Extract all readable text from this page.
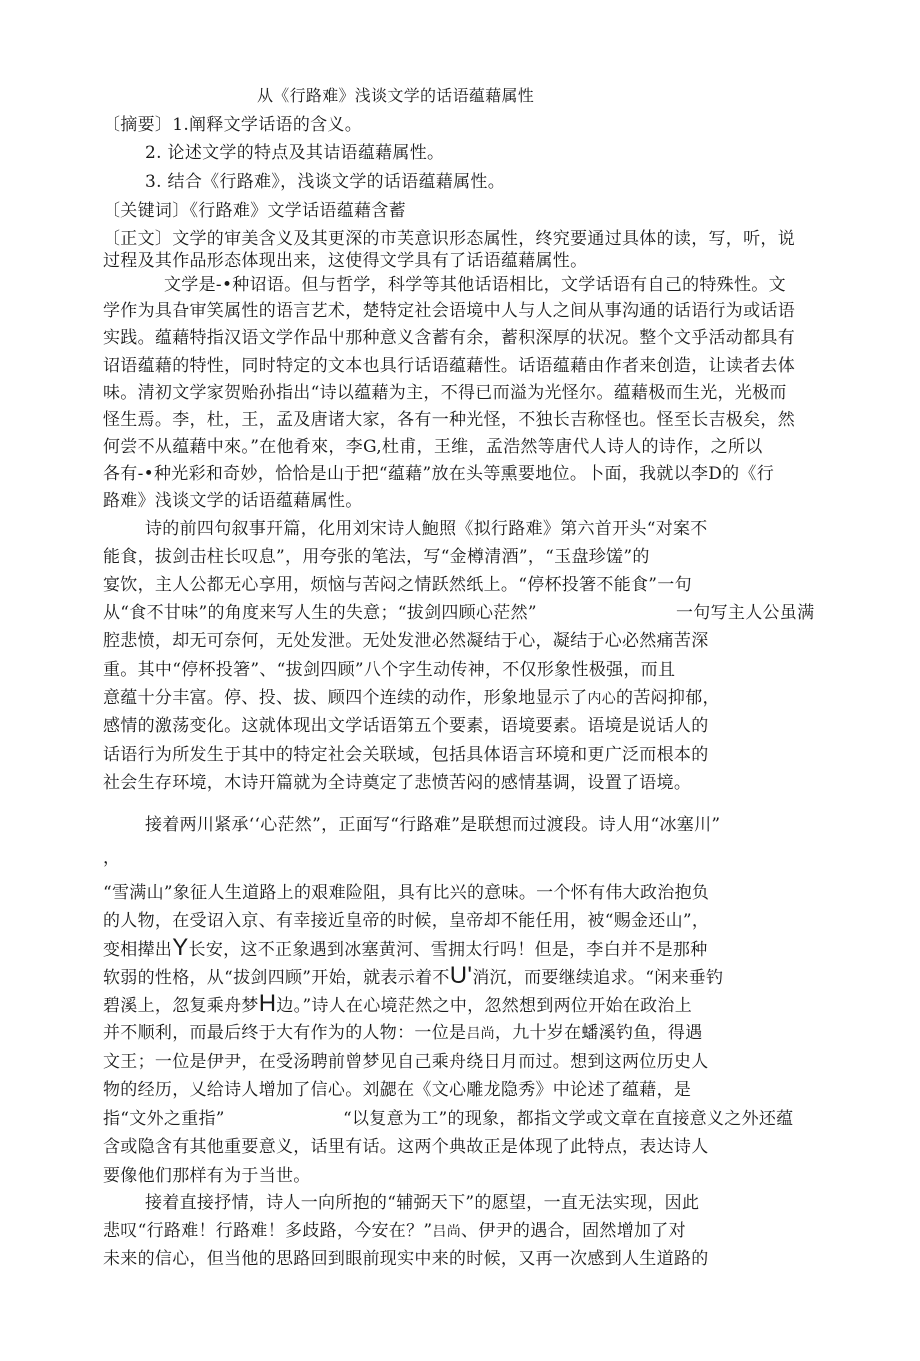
从《行路难》浅谈文学的话语蕴藉属性
〔摘要〕1.阐释文学话语的含义。
2. 论述文学的特点及其诘语蕴藉属性。
3. 结合《行路难》，浅谈文学的话语蕴藉属性。
〔关键词〕《行路难》文学话语蕴藉含蓄
〔正文〕文学的审美含义及其更深的市芙意识形态属性，终究要通过具体的读，写，听，说
过程及其作品形态体现出来，这使得文学具有了话语蕴藉属性。
文学是-•种诏语。但与哲学，科学等其他话语相比，文学话语有自己的特殊性。文
学作为具旮审笑属性的语言艺术，楚特定社会语境中人与人之间从事沟通的话语行为或话语
实践。蕴藉特指汉语文学作品屮那种意义含蓄有余，蓄积深厚的状况。整个文乎活动都具有
诏语蕴藉的特性，同时特定的文本也具行话语蕴藉性。话语蕴藉由作者来创造，让读者去体
味。清初文学家贺贻孙指出“诗以蕴藉为主，不得已而溢为光怪尔。蕴藉极而生光，光极而
怪生焉。李，杜，王，孟及唐诸大家，各有一种光怪，不独长吉称怪也。怪至长吉极矣，然
何尝不从蕴藉中來。”在他肴來，李G,杜甫，王维，孟浩然等唐代人诗人的诗作，之所以
各有-•种光彩和奇妙，恰恰是山于把“蕴藉”放在头等熏要地位。卜面，我就以李D的《行
路难》浅谈文学的话语蕴藉属性。
诗的前四句叙事幵篇，化用刘宋诗人鮑照《拟行路难》第六首开头“对案不
能食，拔剑击柱长叹息”，用夸张的笔法，写“金樽清酒”，“玉盘珍馐”的
宴饮，主人公都无心享用，烦恼与苦闷之情跃然纸上。“停杯投箸不能食”一句
从“食不甘味”的角度来写人生的失意；“拔剑四顾心茫然”	一句写主人公虽满
腔悲愤，却无可奈何，无处发泄。无处发泄必然凝结于心，凝结于心必然痛苦深
重。其中“停杯投箸”、“拔剑四顾”八个字生动传神，不仅形象性极强，而且
意蕴十分丰富。停、投、拔、顾四个连续的动作，形象地显示了内心的苦闷抑郁，
感情的激荡变化。这就体现出文学话语第五个要素，语境要素。语境是说话人的
话语行为所发生于其中的特定社会关联域，包括具体语言环境和更广泛而根本的
社会生存环境，木诗幵篇就为全诗奠定了悲愤苦闷的感情基调，设置了语境。
接着两川紧承‘‘心茫然”，正面写“行路难”是联想而过渡段。诗人用“冰塞川”
，
“雪满山”象征人生道路上的艰难险阻，具有比兴的意味。一个怀有伟大政治抱负
的人物，在受诏入京、有幸接近皇帝的时候，皇帝却不能任用，被“赐金还山”，
变相撵出Y长安，这不正象遇到冰塞黄河、雪拥太行吗！但是，李白并不是那种
软弱的性格，从“拔剑四顾”开始，就表示着不U'消沉，而要继续追求。“闲来垂钓
碧溪上，忽复乘舟梦H边。”诗人在心境茫然之中，忽然想到两位开始在政治上
并不顺利，而最后终于大有作为的人物：一位是吕尚，九十岁在蟠溪钓鱼，得遇
文王；一位是伊尹，在受汤聘前曾梦见自己乘舟绕日月而过。想到这两位历史人
物的经历，乂给诗人增加了信心。刘勰在《文心雕龙隐秀》中论述了蕴藉，是
指“文外之重指”	“以复意为工”的现象，都指文学或文章在直接意义之外还蕴
含或隐含有其他重要意义，话里有话。这两个典故正是体现了此特点，表达诗人
要像他们那样有为于当世。
接着直接抒情，诗人一向所抱的“辅弼天下”的愿望，一直无法实现，因此
悲叹“行路难！行路难！多歧路，今安在？”吕尚、伊尹的遇合，固然增加了对
未来的信心，但当他的思路回到眼前现实中来的时候，又再一次感到人生道路的
